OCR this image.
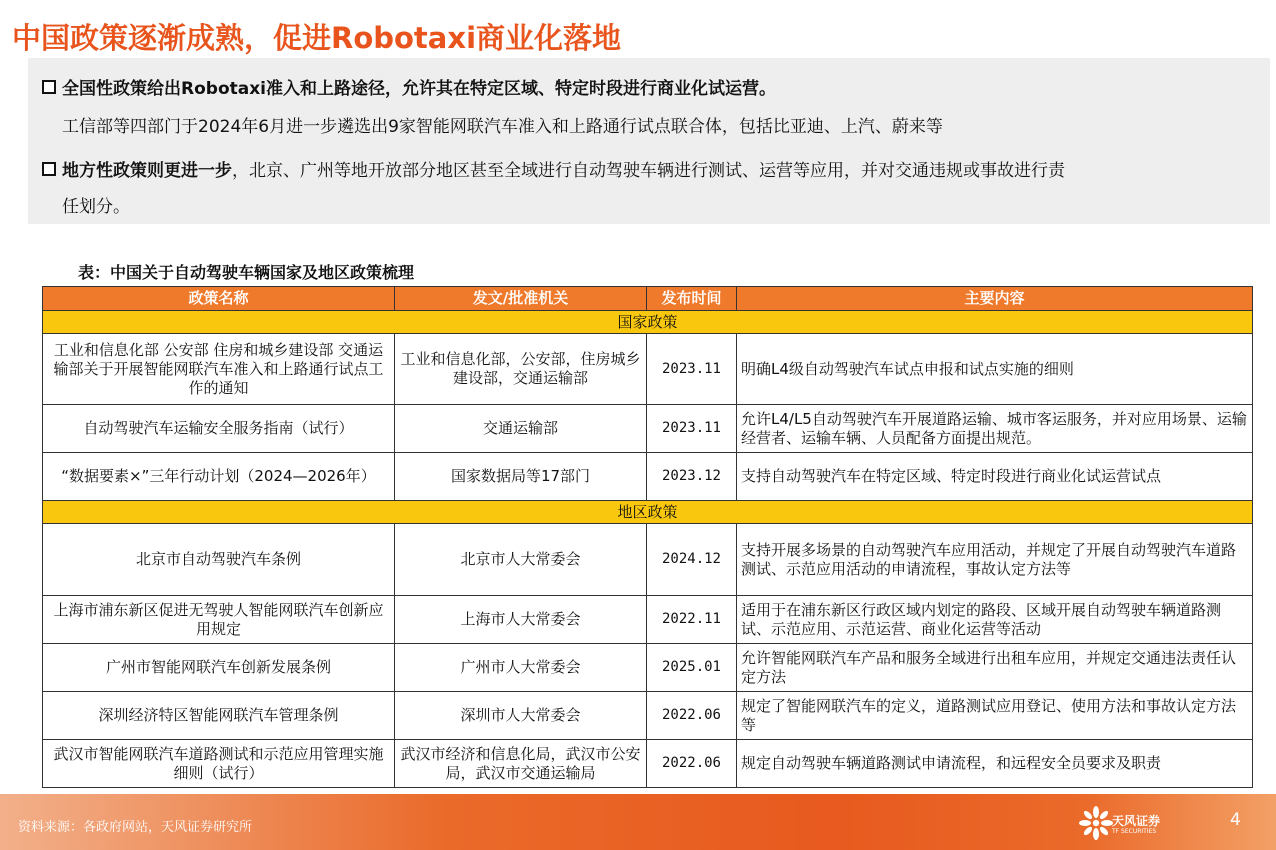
中国政策逐渐成熟，促进Robotaxi商业化落地
全国性政策给出Robotaxi准入和上路途径，允许其在特定区域、特定时段进行商业化试运营。
工信部等四部门于2024年6月进一步遴选出9家智能网联汽车准入和上路通行试点联合体，包括比亚迪、上汽、蔚来等
地方性政策则更进一步，北京、广州等地开放部分地区甚至全域进行自动驾驶车辆进行测试、运营等应用，并对交通违规或事故进行责
任划分。
表：中国关于自动驾驶车辆国家及地区政策梳理
政策名称	发文/批准机关	发布时间	主要内容
国家政策			
工业和信息化部 公安部 住房和城乡建设部 交通运输部关于开展智能网联汽车准入和上路通行试点工作的通知	工业和信息化部，公安部，住房城乡建设部，交通运输部	2023.11	明确L4级自动驾驶汽车试点申报和试点实施的细则
自动驾驶汽车运输安全服务指南（试行）	交通运输部	2023.11	允许L4/L5自动驾驶汽车开展道路运输、城市客运服务，并对应用场景、运输经营者、运输车辆、人员配备方面提出规范。
“数据要素×”三年行动计划（2024—2026年）	国家数据局等17部门	2023.12	支持自动驾驶汽车在特定区域、特定时段进行商业化试运营试点
地区政策			
北京市自动驾驶汽车条例	北京市人大常委会	2024.12	支持开展多场景的自动驾驶汽车应用活动，并规定了开展自动驾驶汽车道路测试、示范应用活动的申请流程，事故认定方法等
上海市浦东新区促进无驾驶人智能网联汽车创新应用规定	上海市人大常委会	2022.11	适用于在浦东新区行政区域内划定的路段、区域开展自动驾驶车辆道路测试、示范应用、示范运营、商业化运营等活动
广州市智能网联汽车创新发展条例	广州市人大常委会	2025.01	允许智能网联汽车产品和服务全域进行出租车应用，并规定交通违法责任认定方法
深圳经济特区智能网联汽车管理条例	深圳市人大常委会	2022.06	规定了智能网联汽车的定义，道路测试应用登记、使用方法和事故认定方法等
武汉市智能网联汽车道路测试和示范应用管理实施细则（试行）	武汉市经济和信息化局，武汉市公安局，武汉市交通运输局	2022.06	规定自动驾驶车辆道路测试申请流程，和远程安全员要求及职责
资料来源：各政府网站，天风证券研究所	天风证券
TF SECURITIES
4
